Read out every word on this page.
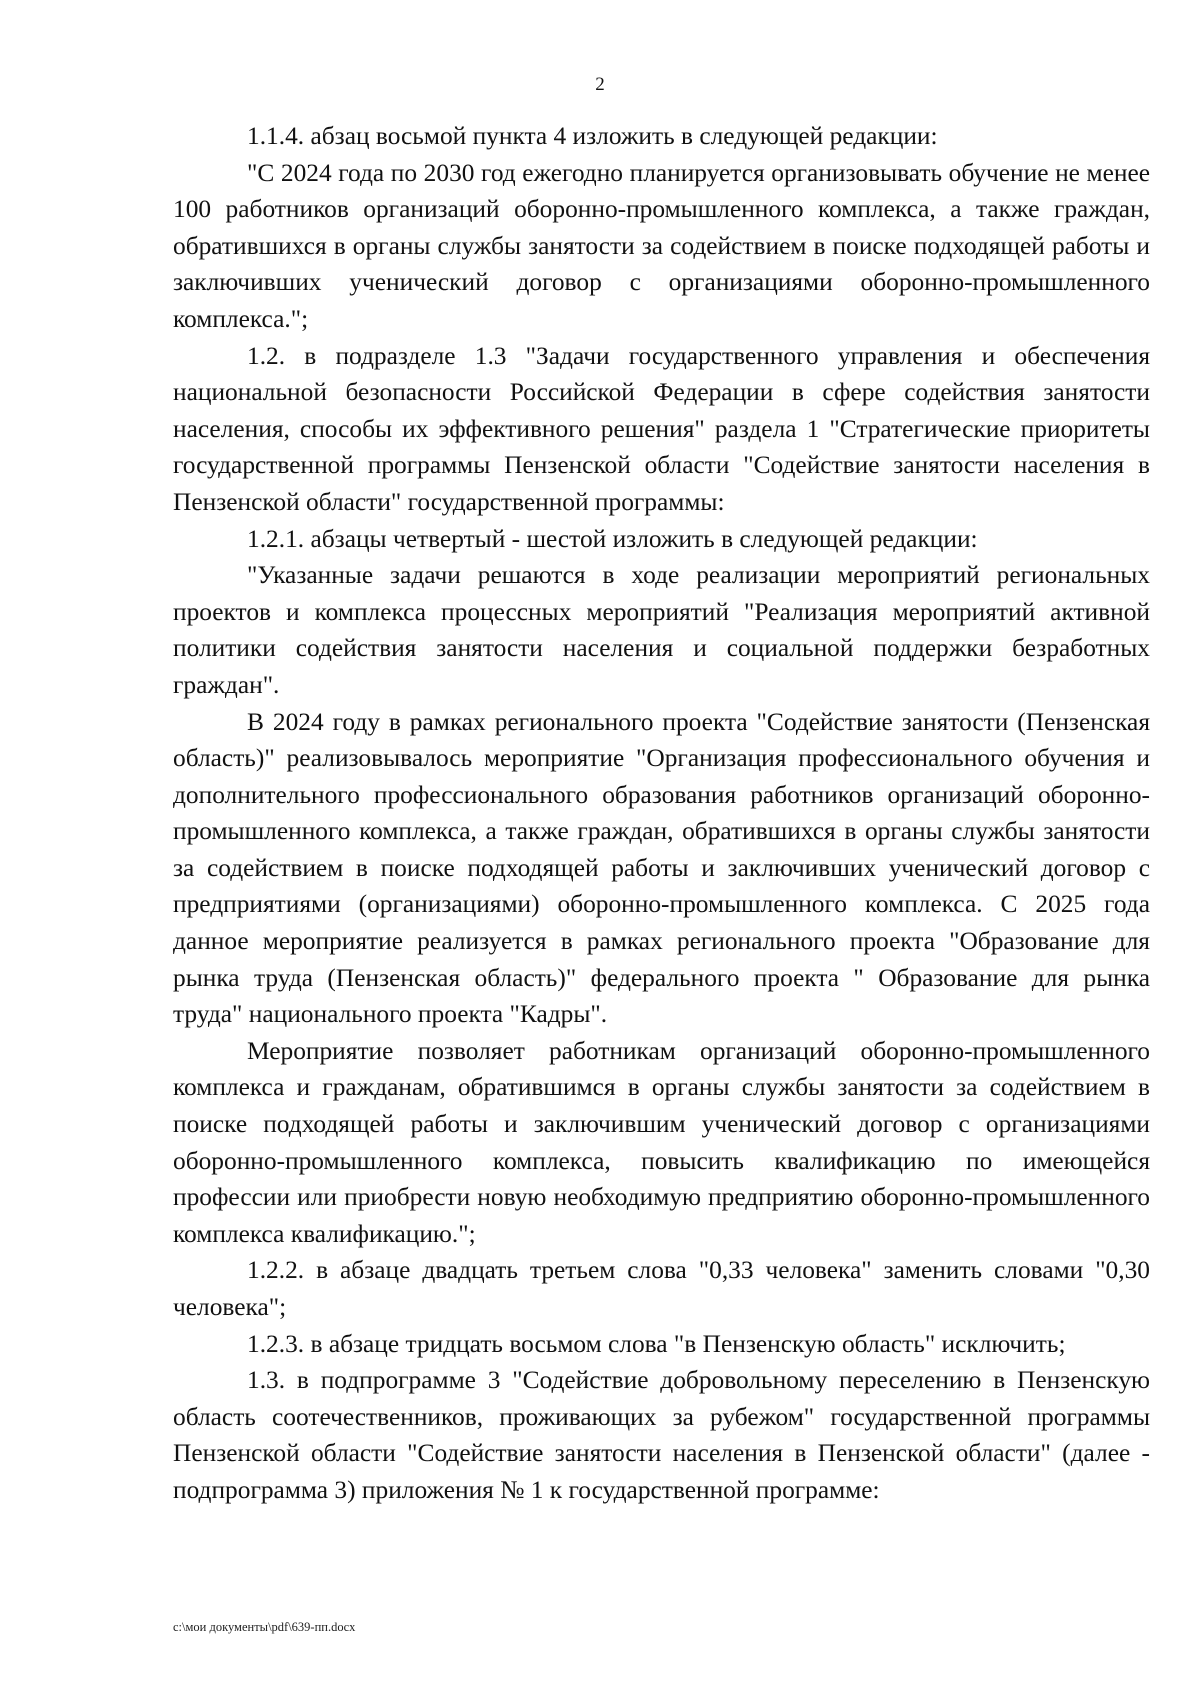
2

1.1.4. абзац восьмой пункта 4 изложить в следующей редакции:

"С 2024 года по 2030 год ежегодно планируется организовывать обучение не менее 100 работников организаций оборонно-промышленного комплекса, а также граждан, обратившихся в органы службы занятости за содействием в поиске подходящей работы и заключивших ученический договор с организациями оборонно-промышленного комплекса.";

1.2. в подразделе 1.3 "Задачи государственного управления и обеспечения национальной безопасности Российской Федерации в сфере содействия занятости населения, способы их эффективного решения" раздела 1 "Стратегические приоритеты государственной программы Пензенской области "Содействие занятости населения в Пензенской области" государственной программы:

1.2.1. абзацы четвертый - шестой изложить в следующей редакции:

"Указанные задачи решаются в ходе реализации мероприятий региональных проектов и комплекса процессных мероприятий "Реализация мероприятий активной политики содействия занятости населения и социальной поддержки безработных граждан".

В 2024 году в рамках регионального проекта "Содействие занятости (Пензенская область)" реализовывалось мероприятие "Организация профессионального обучения и дополнительного профессионального образования работников организаций оборонно-промышленного комплекса, а также граждан, обратившихся в органы службы занятости за содействием в поиске подходящей работы и заключивших ученический договор с предприятиями (организациями) оборонно-промышленного комплекса. С 2025 года данное мероприятие реализуется в рамках регионального проекта "Образование для рынка труда (Пензенская область)" федерального проекта " Образование для рынка труда" национального проекта "Кадры".

Мероприятие позволяет работникам организаций оборонно-промышленного комплекса и гражданам, обратившимся в органы службы занятости за содействием в поиске подходящей работы и заключившим ученический договор с организациями оборонно-промышленного комплекса, повысить квалификацию по имеющейся профессии или приобрести новую необходимую предприятию оборонно-промышленного комплекса квалификацию.";

1.2.2. в абзаце двадцать третьем слова "0,33 человека" заменить словами "0,30 человека";

1.2.3. в абзаце тридцать восьмом слова "в Пензенскую область" исключить;

1.3. в подпрограмме 3 "Содействие добровольному переселению в Пензенскую область соотечественников, проживающих за рубежом" государственной программы Пензенской области "Содействие занятости населения в Пензенской области" (далее - подпрограмма 3) приложения № 1 к государственной программе:

c:\мои документы\pdf\639-пп.docx
